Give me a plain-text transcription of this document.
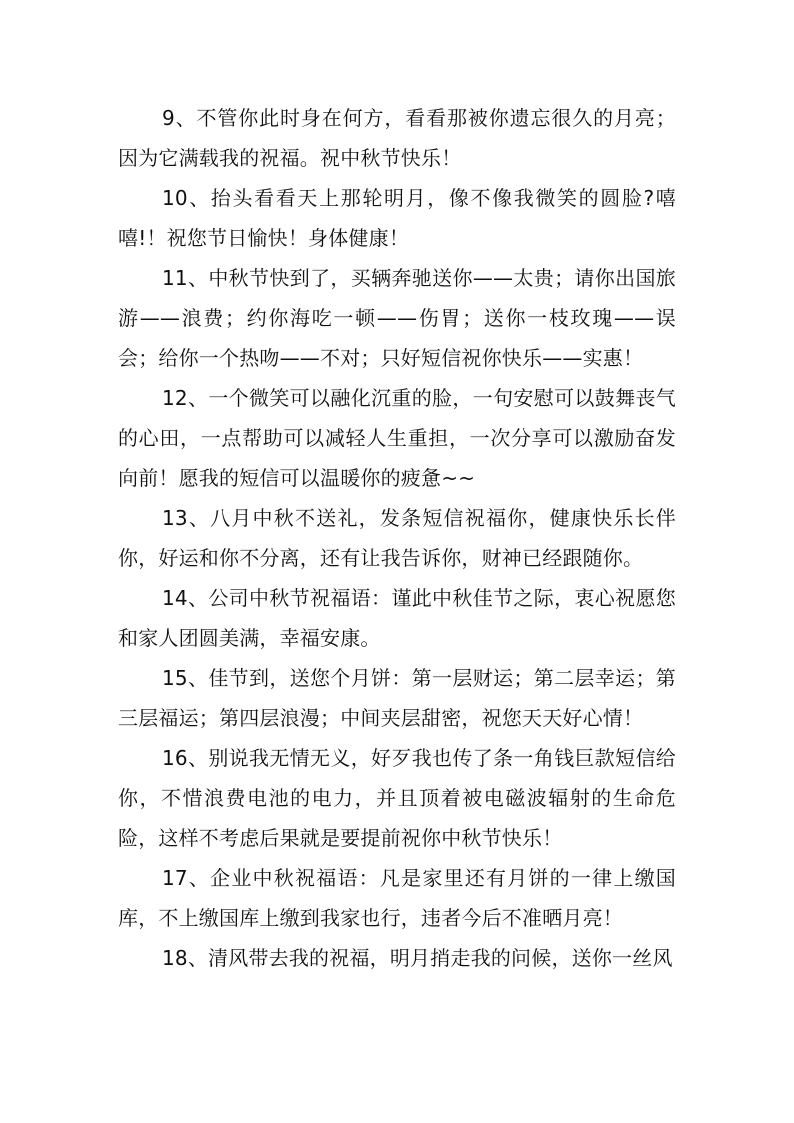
9、不管你此时身在何方，看看那被你遗忘很久的月亮；因为它满载我的祝福。祝中秋节快乐！

10、抬头看看天上那轮明月，像不像我微笑的圆脸?嘻嘻!！祝您节日愉快！身体健康！

11、中秋节快到了，买辆奔驰送你——太贵；请你出国旅游——浪费；约你海吃一顿——伤胃；送你一枝玫瑰——误会；给你一个热吻——不对；只好短信祝你快乐——实惠！

12、一个微笑可以融化沉重的脸，一句安慰可以鼓舞丧气的心田，一点帮助可以减轻人生重担，一次分享可以激励奋发向前！愿我的短信可以温暖你的疲惫~~

13、八月中秋不送礼，发条短信祝福你，健康快乐长伴你，好运和你不分离，还有让我告诉你，财神已经跟随你。

14、公司中秋节祝福语：谨此中秋佳节之际，衷心祝愿您和家人团圆美满，幸福安康。

15、佳节到，送您个月饼：第一层财运；第二层幸运；第三层福运；第四层浪漫；中间夹层甜密，祝您天天好心情！

16、别说我无情无义，好歹我也传了条一角钱巨款短信给你，不惜浪费电池的电力，并且顶着被电磁波辐射的生命危险，这样不考虑后果就是要提前祝你中秋节快乐！

17、企业中秋祝福语：凡是家里还有月饼的一律上缴国库，不上缴国库上缴到我家也行，违者今后不准晒月亮！

18、清风带去我的祝福，明月捎走我的问候，送你一丝风
